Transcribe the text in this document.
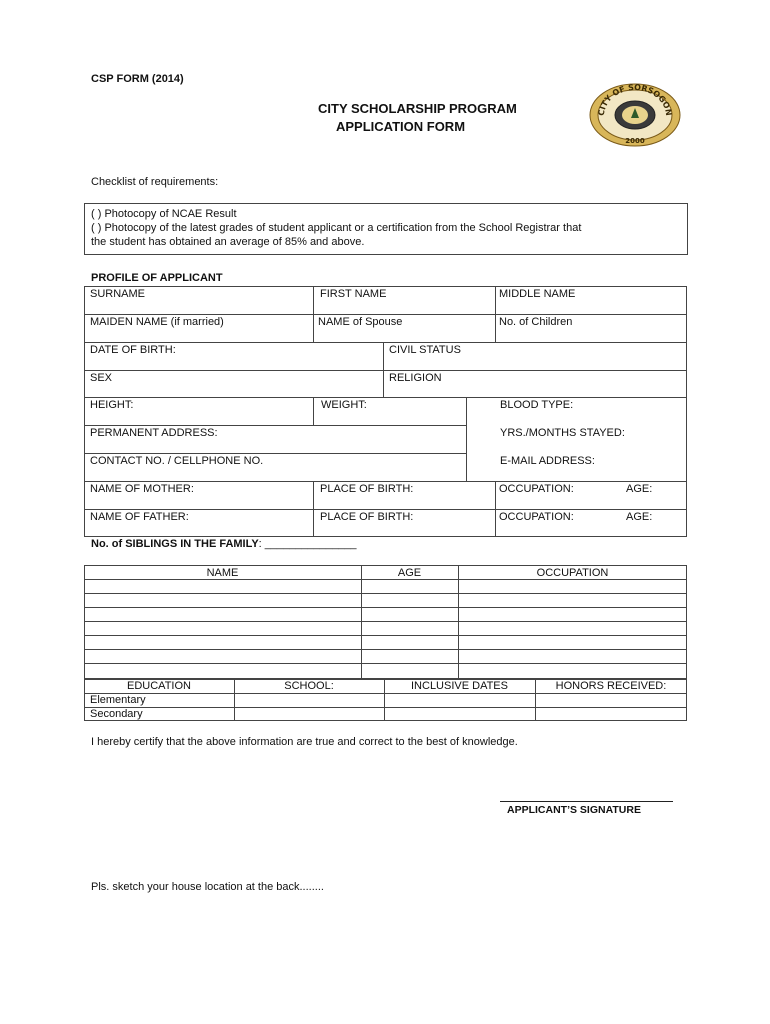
CSP FORM (2014)
CITY SCHOLARSHIP PROGRAM
APPLICATION FORM
CITY OF SORSOGON
2000
Checklist of requirements:
( ) Photocopy of NCAE Result
( ) Photocopy of the latest grades of student applicant or a certification from the School Registrar that
the student has obtained an average of 85% and above.
PROFILE OF APPLICANT
SURNAME	FIRST NAME	MIDDLE NAME
MAIDEN NAME (if married)	NAME of Spouse	No. of Children
DATE OF BIRTH:	CIVIL STATUS
SEX	RELIGION
HEIGHT:	WEIGHT:	BLOOD TYPE:
PERMANENT ADDRESS:	YRS./MONTHS STAYED:
CONTACT NO. / CELLPHONE NO.	E-MAIL ADDRESS:
NAME OF MOTHER:	PLACE OF BIRTH:	OCCUPATION:	AGE:
NAME OF FATHER:	PLACE OF BIRTH:	OCCUPATION:	AGE:
No. of SIBLINGS IN THE FAMILY: _______________
NAME	AGE	OCCUPATION
EDUCATION	SCHOOL:	INCLUSIVE DATES	HONORS RECEIVED:
Elementary
Secondary
I hereby certify that the above information are true and correct to the best of knowledge.
APPLICANT’S SIGNATURE
Pls. sketch your house location at the back........
